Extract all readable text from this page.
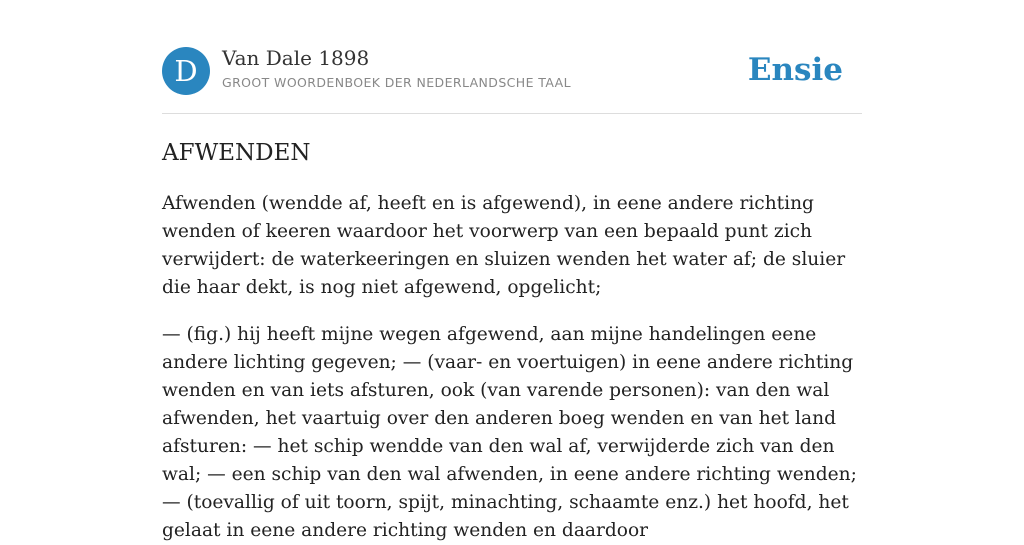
D	Van Dale 1898
GROOT WOORDENBOEK DER NEDERLANDSCHE TAAL	Ensie
AFWENDEN

Afwenden (wendde af, heeft en is afgewend), in eene andere richting wenden of keeren waardoor het voorwerp van een bepaald punt zich verwijdert: de waterkeeringen en sluizen wenden het water af; de sluier die haar dekt, is nog niet afgewend, opgelicht;

— (fig.) hij heeft mijne wegen afgewend, aan mijne handelingen eene andere lichting gegeven; — (vaar- en voertuigen) in eene andere richting wenden en van iets afsturen, ook (van varende personen): van den wal afwenden, het vaartuig over den anderen boeg wenden en van het land afsturen: — het schip wendde van den wal af, verwijderde zich van den wal; — een schip van den wal afwenden, in eene andere richting wenden; — (toevallig of uit toorn, spijt, minachting, schaamte enz.) het hoofd, het gelaat in eene andere richting wenden en daardoor
